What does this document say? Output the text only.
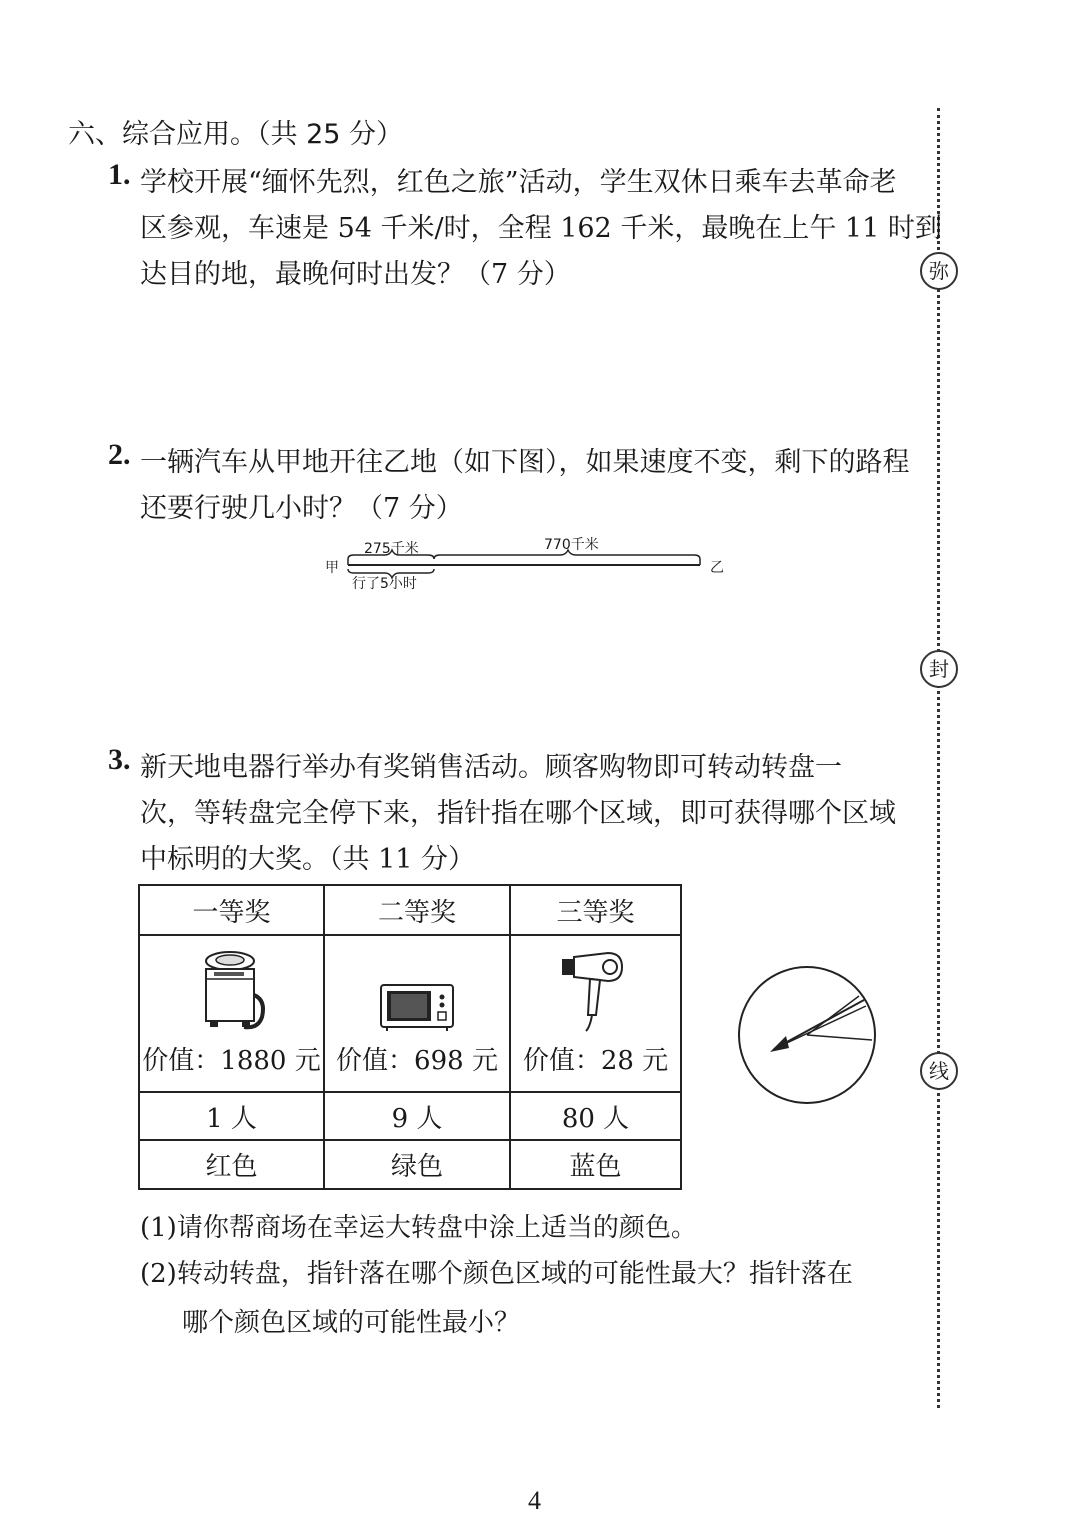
弥
封
线
六、综合应用。（共 25 分）
1. 学校开展“缅怀先烈，红色之旅”活动，学生双休日乘车去革命老
区参观，车速是 54 千米/时，全程 162 千米，最晚在上午 11 时到
达目的地，最晚何时出发？（7 分）
2. 一辆汽车从甲地开往乙地（如下图），如果速度不变，剩下的路程
还要行驶几小时？（7 分）
甲	乙
275千米	770千米
行了5小时
3. 新天地电器行举办有奖销售活动。顾客购物即可转动转盘一
次，等转盘完全停下来，指针指在哪个区域，即可获得哪个区域
中标明的大奖。（共 11 分）
一等奖	二等奖	三等奖

价值：1880 元	价值：698 元	价值：28 元

1 人	9 人	80 人
红色	绿色	蓝色
(1)请你帮商场在幸运大转盘中涂上适当的颜色。
(2)转动转盘，指针落在哪个颜色区域的可能性最大？指针落在
哪个颜色区域的可能性最小？
4
